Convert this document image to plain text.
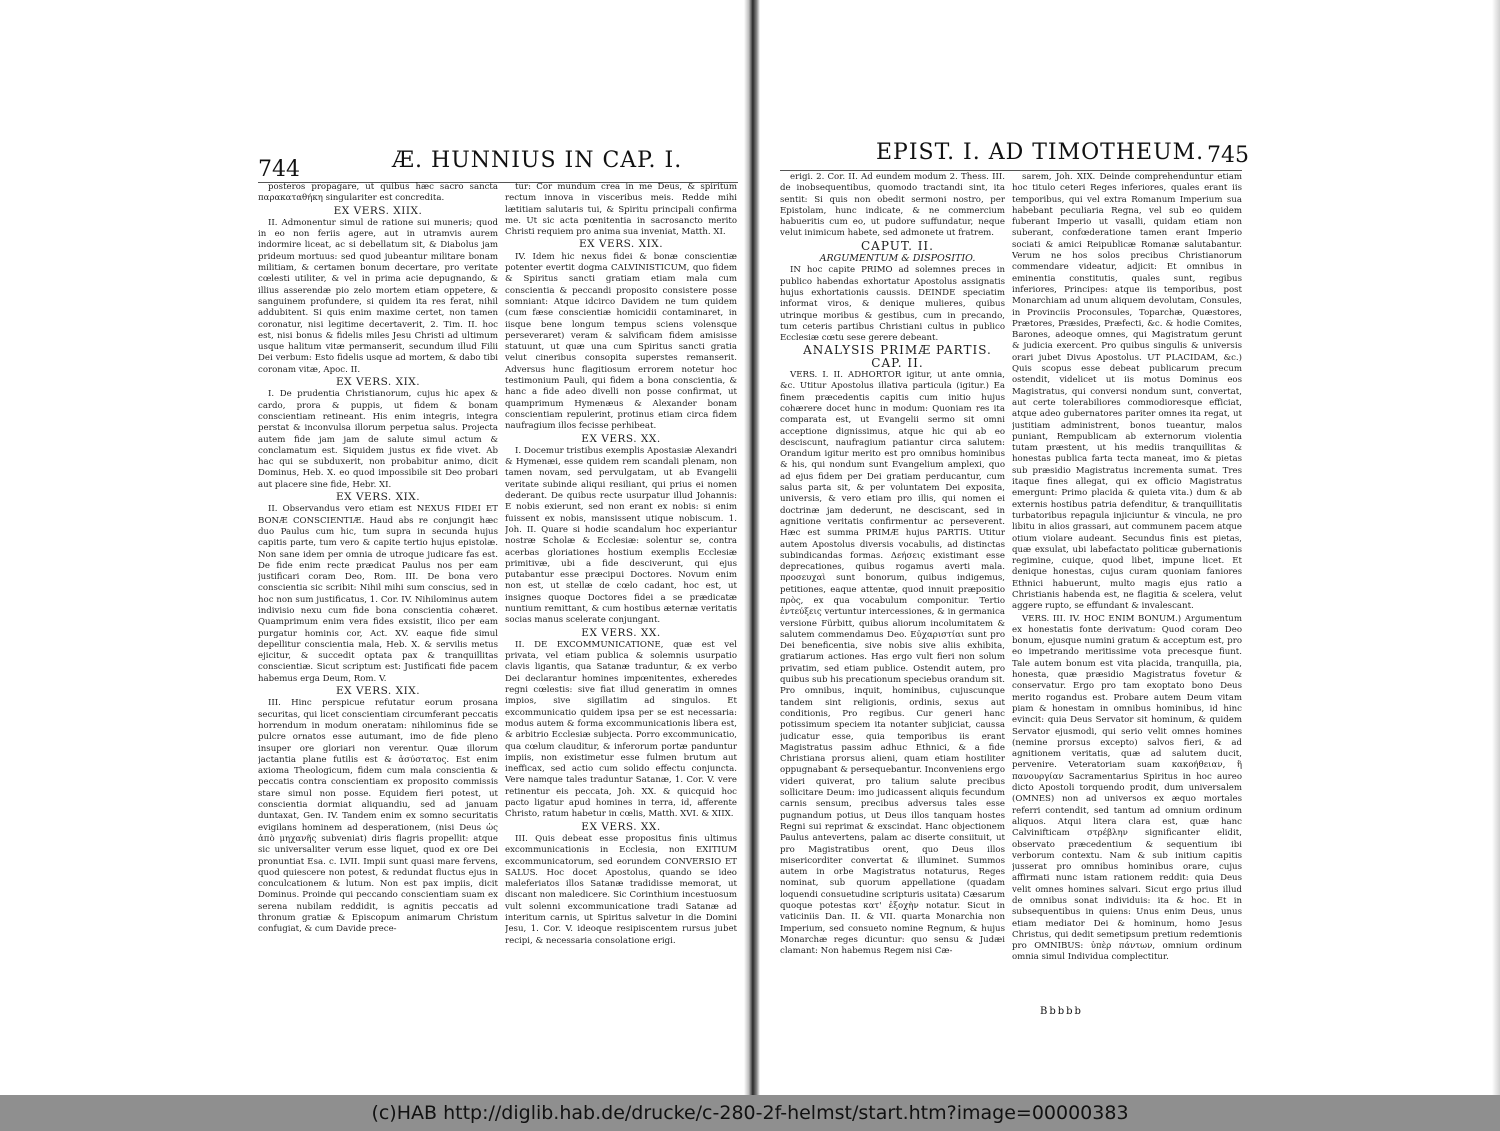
744	Æ. HUNNIUS IN CAP. I.	EPIST. I. AD TIMOTHEUM. 745

posteros propagare, ut quibus hæc sacro sancta παρακαταθήκη singulariter est concredita.

EX VERS. XIIX.

II. Admonentur simul de ratione sui muneris; quod in eo non feriis agere, aut in utramvis aurem indormire liceat, ac si debellatum sit, & Diabolus jam prideum mortuus: sed quod jubeantur militare bonam militiam, & certamen bonum decertare, pro veritate cœlesti utiliter, & vel in prima acie depugnando, & illius asserendæ pio zelo mortem etiam oppetere, & sanguinem profundere, si quidem ita res ferat, nihil addubitent. Si quis enim maxime certet, non tamen coronatur, nisi legitime decertaverit, 2. Tim. II. hoc est, nisi bonus & fidelis miles Jesu Christi ad ultimum usque halitum vitæ permanserit, secundum illud Filii Dei verbum: Esto fidelis usque ad mortem, & dabo tibi coronam vitæ, Apoc. II.

EX VERS. XIX.

I. De prudentia Christianorum, cujus hic apex & cardo, prora & puppis, ut fidem & bonam conscientiam retineant. His enim integris, integra perstat & inconvulsa illorum perpetua salus. Projecta autem fide jam jam de salute simul actum & conclamatum est. Siquidem justus ex fide vivet. Ab hac qui se subduxerit, non probabitur animo, dicit Dominus, Heb. X. eo quod impossibile sit Deo probari aut placere sine fide, Hebr. XI.

EX VERS. XIX.

II. Observandus vero etiam est NEXUS FIDEI ET BONÆ CONSCIENTIÆ. Haud abs re conjungit hæc duo Paulus cum hic, tum supra in secunda hujus capitis parte, tum vero & capite tertio hujus epistolæ. Non sane idem per omnia de utroque judicare fas est. De fide enim recte prædicat Paulus nos per eam justificari coram Deo, Rom. III. De bona vero conscientia sic scribit: Nihil mihi sum conscius, sed in hoc non sum justificatus, 1. Cor. IV. Nihilominus autem indivisio nexu cum fide bona conscientia cohæret. Quamprimum enim vera fides exsistit, ilico per eam purgatur hominis cor, Act. XV. eaque fide simul depellitur conscientia mala, Heb. X. & servilis metus ejicitur, & succedit optata pax & tranquillitas conscientiæ. Sicut scriptum est: Justificati fide pacem habemus erga Deum, Rom. V.

EX VERS. XIX.

III. Hinc perspicue refutatur eorum prosana securitas, qui licet conscientiam circumferant peccatis horrendum in modum oneratam: nihilominus fide se pulcre ornatos esse autumant, imo de fide pleno insuper ore gloriari non verentur. Quæ illorum jactantia plane futilis est & ἀσύστατος. Est enim axioma Theologicum, fidem cum mala conscientia & peccatis contra conscientiam ex proposito commissis stare simul non posse. Equidem fieri potest, ut conscientia dormiat aliquandiu, sed ad januam duntaxat, Gen. IV. Tandem enim ex somno securitatis evigilans hominem ad desperationem, (nisi Deus ὡς ἀπὸ μηχανῆς subveniat) diris flagris propellit: atque sic universaliter verum esse liquet, quod ex ore Dei pronuntiat Esa. c. LVII. Impii sunt quasi mare fervens, quod quiescere non potest, & redundat fluctus ejus in conculcationem & lutum. Non est pax impiis, dicit Dominus. Proinde qui peccando conscientiam suam ex serena nubilam reddidit, is agnitis peccatis ad thronum gratiæ & Episcopum animarum Christum confugiat, & cum Davide prece-

tur: Cor mundum crea in me Deus, & spiritum rectum innova in visceribus meis. Redde mihi lætitiam salutaris tui, & Spiritu principali confirma me. Ut sic acta pœnitentia in sacrosancto merito Christi requiem pro anima sua inveniat, Matth. XI.

EX VERS. XIX.

IV. Idem hic nexus fidei & bonæ conscientiæ potenter evertit dogma CALVINISTICUM, quo fidem & Spiritus sancti gratiam etiam mala cum conscientia & peccandi proposito consistere posse somniant: Atque idcirco Davidem ne tum quidem (cum fæse conscientiæ homicidii contaminaret, in iisque bene longum tempus sciens volensque perseveraret) veram & salvificam fidem amisisse statuunt, ut quæ una cum Spiritus sancti gratia velut cineribus consopita superstes remanserit. Adversus hunc flagitiosum errorem notetur hoc testimonium Pauli, qui fidem a bona conscientia, & hanc a fide adeo divelli non posse confirmat, ut quamprimum Hymenæus & Alexander bonam conscientiam repulerint, protinus etiam circa fidem naufragium illos fecisse perhibeat.

EX VERS. XX.

I. Docemur tristibus exemplis Apostasiæ Alexandri & Hymenæi, esse quidem rem scandali plenam, non tamen novam, sed pervulgatam, ut ab Evangelii veritate subinde aliqui resiliant, qui prius ei nomen dederant. De quibus recte usurpatur illud Johannis: E nobis exierunt, sed non erant ex nobis: si enim fuissent ex nobis, mansissent utique nobiscum. 1. Joh. II. Quare si hodie scandalum hoc experiantur nostræ Scholæ & Ecclesiæ: solentur se, contra acerbas gloriationes hostium exemplis Ecclesiæ primitivæ, ubi a fide desciverunt, qui ejus putabantur esse præcipui Doctores. Novum enim non est, ut stellæ de cœlo cadant, hoc est, ut insignes quoque Doctores fidei a se prædicatæ nuntium remittant, & cum hostibus æternæ veritatis socias manus scelerate conjungant.

EX VERS. XX.

II. DE EXCOMMUNICATIONE, quæ est vel privata, vel etiam publica & solemnis usurpatio clavis ligantis, qua Satanæ traduntur, & ex verbo Dei declarantur homines impœnitentes, exheredes regni cœlestis: sive fiat illud generatim in omnes impios, sive sigillatim ad singulos. Et excommunicatio quidem ipsa per se est necessaria: modus autem & forma excommunicationis libera est, & arbitrio Ecclesiæ subjecta. Porro excommunicatio, qua cœlum clauditur, & inferorum portæ panduntur impiis, non existimetur esse fulmen brutum aut inefficax, sed actio cum solido effectu conjuncta. Vere namque tales traduntur Satanæ, 1. Cor. V. vere retinentur eis peccata, Joh. XX. & quicquid hoc pacto ligatur apud homines in terra, id, afferente Christo, ratum habetur in cœlis, Matth. XVI. & XIIX.

EX VERS. XX.

III. Quis debeat esse propositus finis ultimus excommunicationis in Ecclesia, non EXITIUM excommunicatorum, sed eorundem CONVERSIO ET SALUS. Hoc docet Apostolus, quando se ideo maleferiatos illos Satanæ tradidisse memorat, ut discant non maledicere. Sic Corinthium incestuosum vult solenni excommunicatione tradi Satanæ ad interitum carnis, ut Spiritus salvetur in die Domini Jesu, 1. Cor. V. ideoque resipiscentem rursus jubet recipi, & necessaria consolatione erigi.

erigi. 2. Cor. II. Ad eundem modum 2. Thess. III. de inobsequentibus, quomodo tractandi sint, ita sentit: Si quis non obedit sermoni nostro, per Epistolam, hunc indicate, & ne commercium habueritis cum eo, ut pudore suffundatur, neque velut inimicum habete, sed admonete ut fratrem.

CAPUT. II.

ARGUMENTUM & DISPOSITIO.

IN hoc capite PRIMO ad solemnes preces in publico habendas exhortatur Apostolus assignatis hujus exhortationis caussis. DEINDE speciatim informat viros, & denique mulieres, quibus utrinque moribus & gestibus, cum in precando, tum ceteris partibus Christiani cultus in publico Ecclesiæ cœtu sese gerere debeant.

ANALYSIS PRIMÆ PARTIS.

CAP. II.

VERS. I. II. ADHORTOR igitur, ut ante omnia, &c. Utitur Apostolus illativa particula (igitur.) Ea finem præcedentis capitis cum initio hujus cohærere docet hunc in modum: Quoniam res ita comparata est, ut Evangelii sermo sit omni acceptione dignissimus, atque hic qui ab eo desciscunt, naufragium patiantur circa salutem: Orandum igitur merito est pro omnibus hominibus & his, qui nondum sunt Evangelium amplexi, quo ad ejus fidem per Dei gratiam perducantur, cum salus parta sit, & per voluntatem Dei exposita, universis, & vero etiam pro illis, qui nomen ei doctrinæ jam dederunt, ne desciscant, sed in agnitione veritatis confirmentur ac perseverent. Hæc est summa PRIMÆ hujus PARTIS. Utitur autem Apostolus diversis vocabulis, ad distinctas subindicandas formas. Δεήσεις existimant esse deprecationes, quibus rogamus averti mala. προσευχαὶ sunt bonorum, quibus indigemus, petitiones, eaque attentæ, quod innuit præpositio πρὸς, ex qua vocabulum componitur. Tertio ἐντεύξεις vertuntur intercessiones, & in germanica versione Fürbitt, quibus aliorum incolumitatem & salutem commendamus Deo. Εὐχαριστίαι sunt pro Dei beneficentia, sive nobis sive aliis exhibita, gratiarum actiones. Has ergo vult fieri non solum privatim, sed etiam publice. Ostendit autem, pro quibus sub his precationum speciebus orandum sit. Pro omnibus, inquit, hominibus, cujuscunque tandem sint religionis, ordinis, sexus aut conditionis, Pro regibus. Cur generi hanc potissimum speciem ita notanter subjiciat, caussa judicatur esse, quia temporibus iis erant Magistratus passim adhuc Ethnici, & a fide Christiana prorsus alieni, quam etiam hostiliter oppugnabant & persequebantur. Inconveniens ergo videri quiverat, pro talium salute precibus sollicitare Deum: imo judicassent aliquis fecundum carnis sensum, precibus adversus tales esse pugnandum potius, ut Deus illos tanquam hostes Regni sui reprimat & exscindat. Hanc objectionem Paulus antevertens, palam ac diserte consiituit, ut pro Magistratibus orent, quo Deus illos misericorditer convertat & illuminet. Summos autem in orbe Magistratus notaturus, Reges nominat, sub quorum appellatione (quadam loquendi consuetudine scripturis usitata) Cæsarum quoque potestas κατ' ἐξοχὴν notatur. Sicut in vaticiniis Dan. II. & VII. quarta Monarchia non Imperium, sed consueto nomine Regnum, & hujus Monarchæ reges dicuntur: quo sensu & Judæi clamant: Non habemus Regem nisi Cæ-

sarem, Joh. XIX. Deinde comprehenduntur etiam hoc titulo ceteri Reges inferiores, quales erant iis temporibus, qui vel extra Romanum Imperium sua habebant peculiaria Regna, vel sub eo quidem fuberant Imperio ut vasalli, quidam etiam non suberant, confœderatione tamen erant Imperio sociati & amici Reipublicæ Romanæ salutabantur. Verum ne hos solos precibus Christianorum commendare videatur, adjicit: Et omnibus in eminentia constitutis, quales sunt, regibus inferiores, Principes: atque iis temporibus, post Monarchiam ad unum aliquem devolutam, Consules, in Provinciis Proconsules, Toparchæ, Quæstores, Prætores, Præsides, Præfecti, &c. & hodie Comites, Barones, adeoque omnes, qui Magistratum gerunt & judicia exercent. Pro quibus singulis & universis orari jubet Divus Apostolus. UT PLACIDAM, &c.) Quis scopus esse debeat publicarum precum ostendit, videlicet ut iis motus Dominus eos Magistratus, qui conversi nondum sunt, convertat, aut certe tolerabiliores commodioresque efficiat, atque adeo gubernatores pariter omnes ita regat, ut justitiam administrent, bonos tueantur, malos puniant, Rempublicam ab externorum violentia tutam præstent, ut his mediis tranquillitas & honestas publica farta tecta maneat, imo & pietas sub præsidio Magistratus incrementa sumat. Tres itaque fines allegat, qui ex officio Magistratus emergunt: Primo placida & quieta vita.) dum & ab externis hostibus patria defenditur, & tranquillitatis turbatoribus repagula injiciuntur & vincula, ne pro libitu in alios grassari, aut communem pacem atque otium violare audeant. Secundus finis est pietas, quæ exsulat, ubi labefactato politicæ gubernationis regimine, cuique, quod libet, impune licet. Et denique honestas, cujus curam quoniam faniores Ethnici habuerunt, multo magis ejus ratio a Christianis habenda est, ne flagitia & scelera, velut aggere rupto, se effundant & invalescant.

VERS. III. IV. HOC ENIM BONUM.) Argumentum ex honestatis fonte derivatum: Quod coram Deo bonum, ejusque numini gratum & acceptum est, pro eo impetrando meritissime vota precesque fiunt. Tale autem bonum est vita placida, tranquilla, pia, honesta, quæ præsidio Magistratus fovetur & conservatur. Ergo pro tam exoptato bono Deus merito rogandus est. Probare autem Deum vitam piam & honestam in omnibus hominibus, id hinc evincit: quia Deus Servator sit hominum, & quidem Servator ejusmodi, qui serio velit omnes homines (nemine prorsus excepto) salvos fieri, & ad agnitionem veritatis, quæ ad salutem ducit, pervenire. Veteratoriam suam κακοήθειαν, ἢ πανουργίαν Sacramentarius Spiritus in hoc aureo dicto Apostoli torquendo prodit, dum universalem (OMNES) non ad universos ex æquo mortales referri contendit, sed tantum ad omnium ordinum aliquos. Atqui litera clara est, quæ hanc Calvinifticam στρέβλην significanter elidit, observato præcedentium & sequentium ibi verborum contextu. Nam & sub initium capitis jusserat pro omnibus hominibus orare, cujus affirmati nunc istam rationem reddit: quia Deus velit omnes homines salvari. Sicut ergo prius illud de omnibus sonat individuis: ita & hoc. Et in subsequentibus in quiens: Unus enim Deus, unus etiam mediator Dei & hominum, homo Jesus Christus, qui dedit semetipsum pretium redemtionis pro OMNIBUS: ὑπὲρ πάντων, omnium ordinum omnia simul Individua complectitur.

Bbbbb
(c)HAB http://diglib.hab.de/drucke/c-280-2f-helmst/start.htm?image=00000383
